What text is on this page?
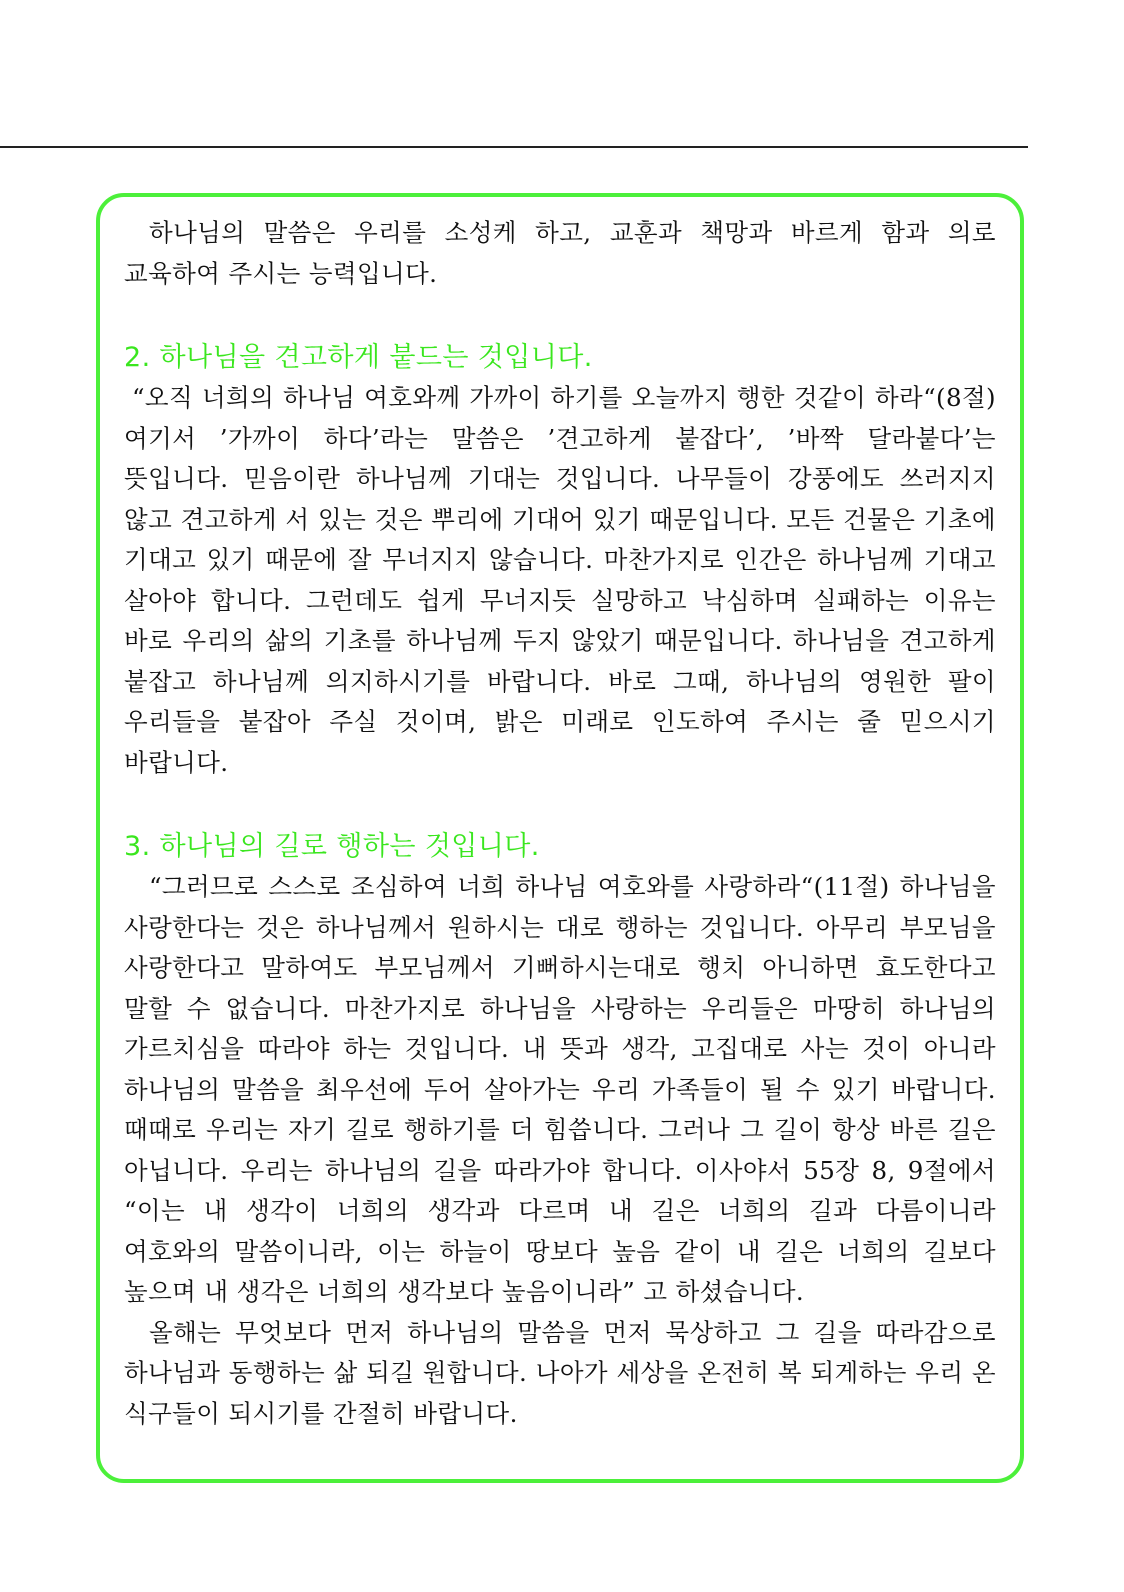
하나님의 말씀은 우리를 소성케 하고, 교훈과 책망과 바르게 함과 의로 교육하여 주시는 능력입니다.

2. 하나님을 견고하게 붙드는 것입니다.

“오직 너희의 하나님 여호와께 가까이 하기를 오늘까지 행한 것같이 하라“(8절) 여기서 ’가까이 하다’라는 말씀은 ’견고하게 붙잡다’, ’바짝 달라붙다’는 뜻입니다. 믿음이란 하나님께 기대는 것입니다. 나무들이 강풍에도 쓰러지지 않고 견고하게 서 있는 것은 뿌리에 기대어 있기 때문입니다. 모든 건물은 기초에 기대고 있기 때문에 잘 무너지지 않습니다. 마찬가지로 인간은 하나님께 기대고 살아야 합니다. 그런데도 쉽게 무너지듯 실망하고 낙심하며 실패하는 이유는 바로 우리의 삶의 기초를 하나님께 두지 않았기 때문입니다. 하나님을 견고하게 붙잡고 하나님께 의지하시기를 바랍니다. 바로 그때, 하나님의 영원한 팔이 우리들을 붙잡아 주실 것이며, 밝은 미래로 인도하여 주시는 줄 믿으시기 바랍니다.

3. 하나님의 길로 행하는 것입니다.

“그러므로 스스로 조심하여 너희 하나님 여호와를 사랑하라“(11절) 하나님을 사랑한다는 것은 하나님께서 원하시는 대로 행하는 것입니다. 아무리 부모님을 사랑한다고 말하여도 부모님께서 기뻐하시는대로 행치 아니하면 효도한다고 말할 수 없습니다. 마찬가지로 하나님을 사랑하는 우리들은 마땅히 하나님의 가르치심을 따라야 하는 것입니다. 내 뜻과 생각, 고집대로 사는 것이 아니라 하나님의 말씀을 최우선에 두어 살아가는 우리 가족들이 될 수 있기 바랍니다. 때때로 우리는 자기 길로 행하기를 더 힘씁니다. 그러나 그 길이 항상 바른 길은 아닙니다. 우리는 하나님의 길을 따라가야 합니다. 이사야서 55장 8, 9절에서 “이는 내 생각이 너희의 생각과 다르며 내 길은 너희의 길과 다름이니라 여호와의 말씀이니라, 이는 하늘이 땅보다 높음 같이 내 길은 너희의 길보다 높으며 내 생각은 너희의 생각보다 높음이니라” 고 하셨습니다.

올해는 무엇보다 먼저 하나님의 말씀을 먼저 묵상하고 그 길을 따라감으로 하나님과 동행하는 삶 되길 원합니다. 나아가 세상을 온전히 복 되게하는 우리 온 식구들이 되시기를 간절히 바랍니다.
